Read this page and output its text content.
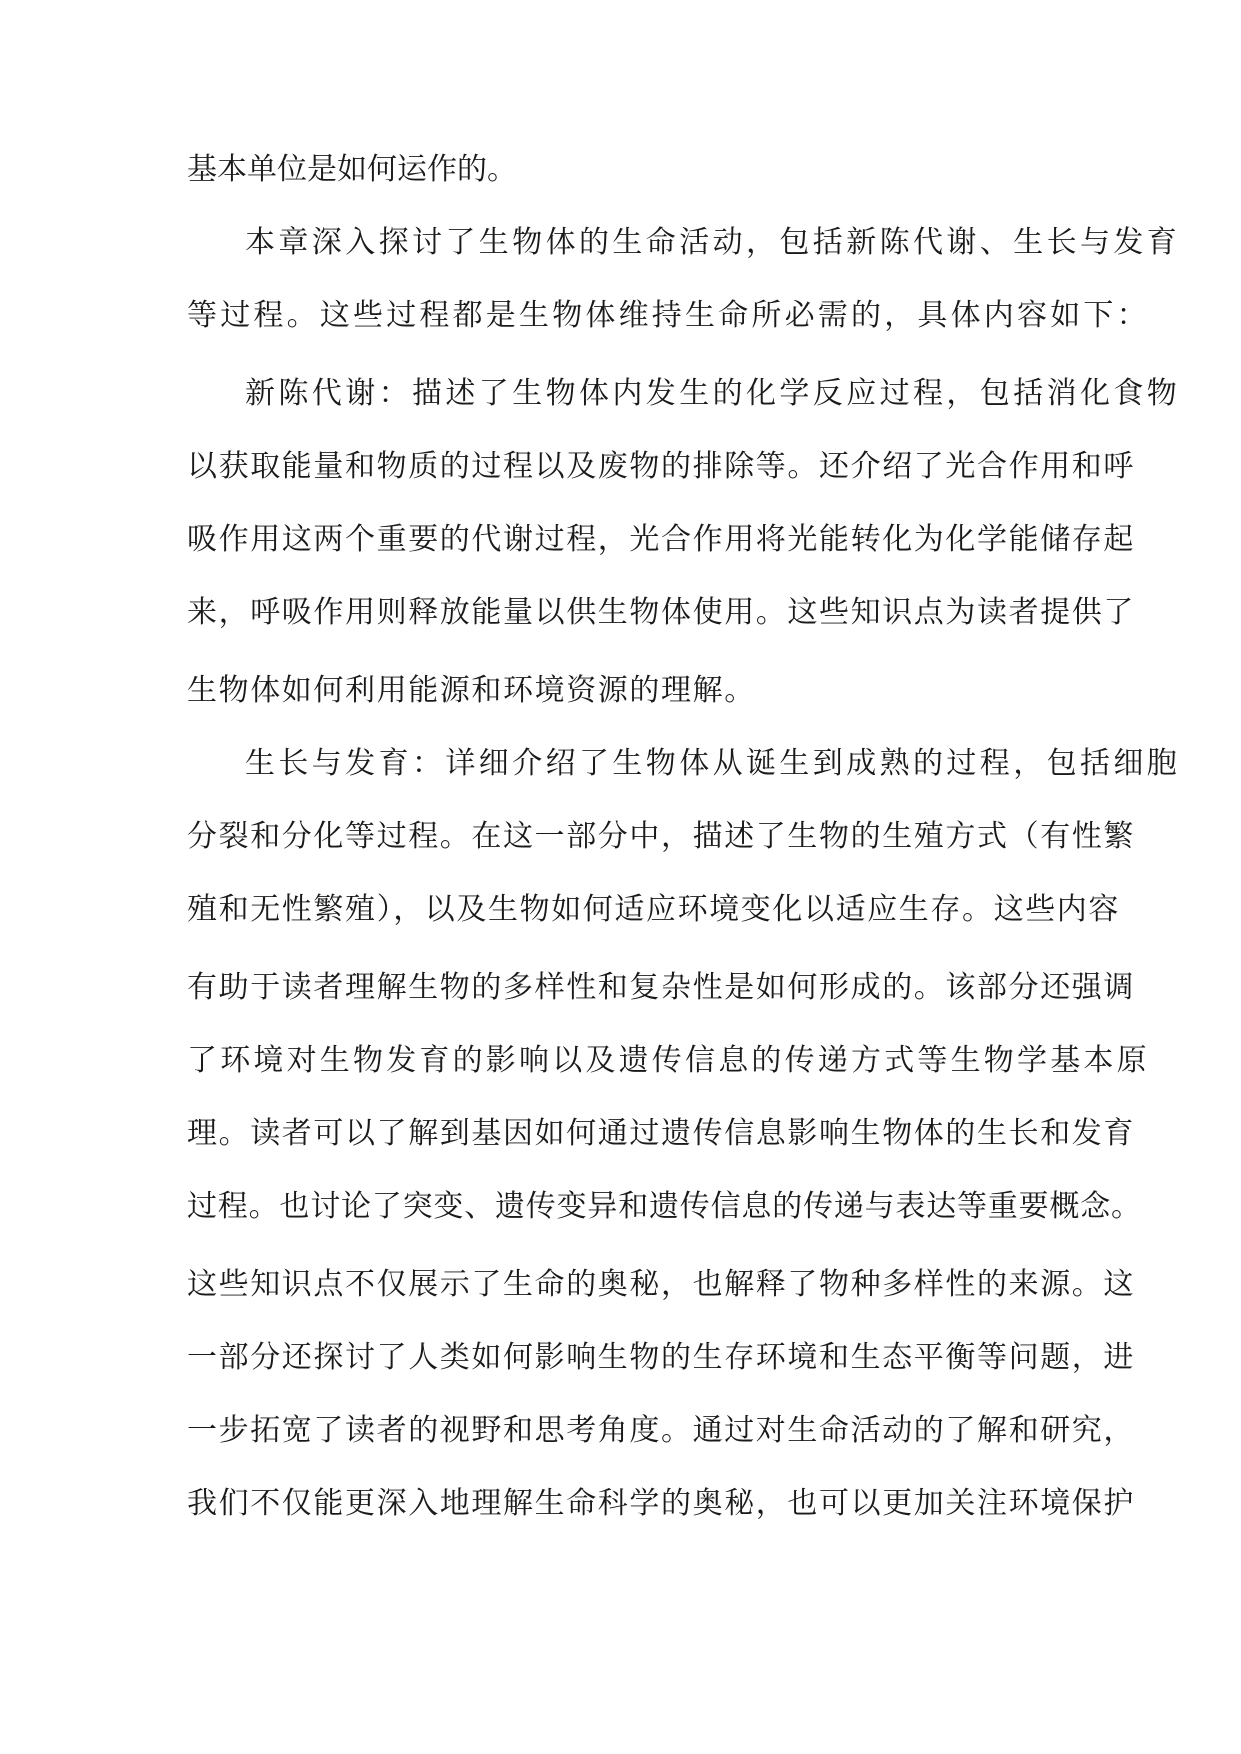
基本单位是如何运作的。
本章深入探讨了生物体的生命活动，包括新陈代谢、生长与发育
等过程。这些过程都是生物体维持生命所必需的，具体内容如下：
新陈代谢：描述了生物体内发生的化学反应过程，包括消化食物
以获取能量和物质的过程以及废物的排除等。还介绍了光合作用和呼
吸作用这两个重要的代谢过程，光合作用将光能转化为化学能储存起
来，呼吸作用则释放能量以供生物体使用。这些知识点为读者提供了
生物体如何利用能源和环境资源的理解。
生长与发育：详细介绍了生物体从诞生到成熟的过程，包括细胞
分裂和分化等过程。在这一部分中，描述了生物的生殖方式（有性繁
殖和无性繁殖），以及生物如何适应环境变化以适应生存。这些内容
有助于读者理解生物的多样性和复杂性是如何形成的。该部分还强调
了环境对生物发育的影响以及遗传信息的传递方式等生物学基本原
理。读者可以了解到基因如何通过遗传信息影响生物体的生长和发育
过程。也讨论了突变、遗传变异和遗传信息的传递与表达等重要概念。
这些知识点不仅展示了生命的奥秘，也解释了物种多样性的来源。这
一部分还探讨了人类如何影响生物的生存环境和生态平衡等问题，进
一步拓宽了读者的视野和思考角度。通过对生命活动的了解和研究，
我们不仅能更深入地理解生命科学的奥秘，也可以更加关注环境保护
